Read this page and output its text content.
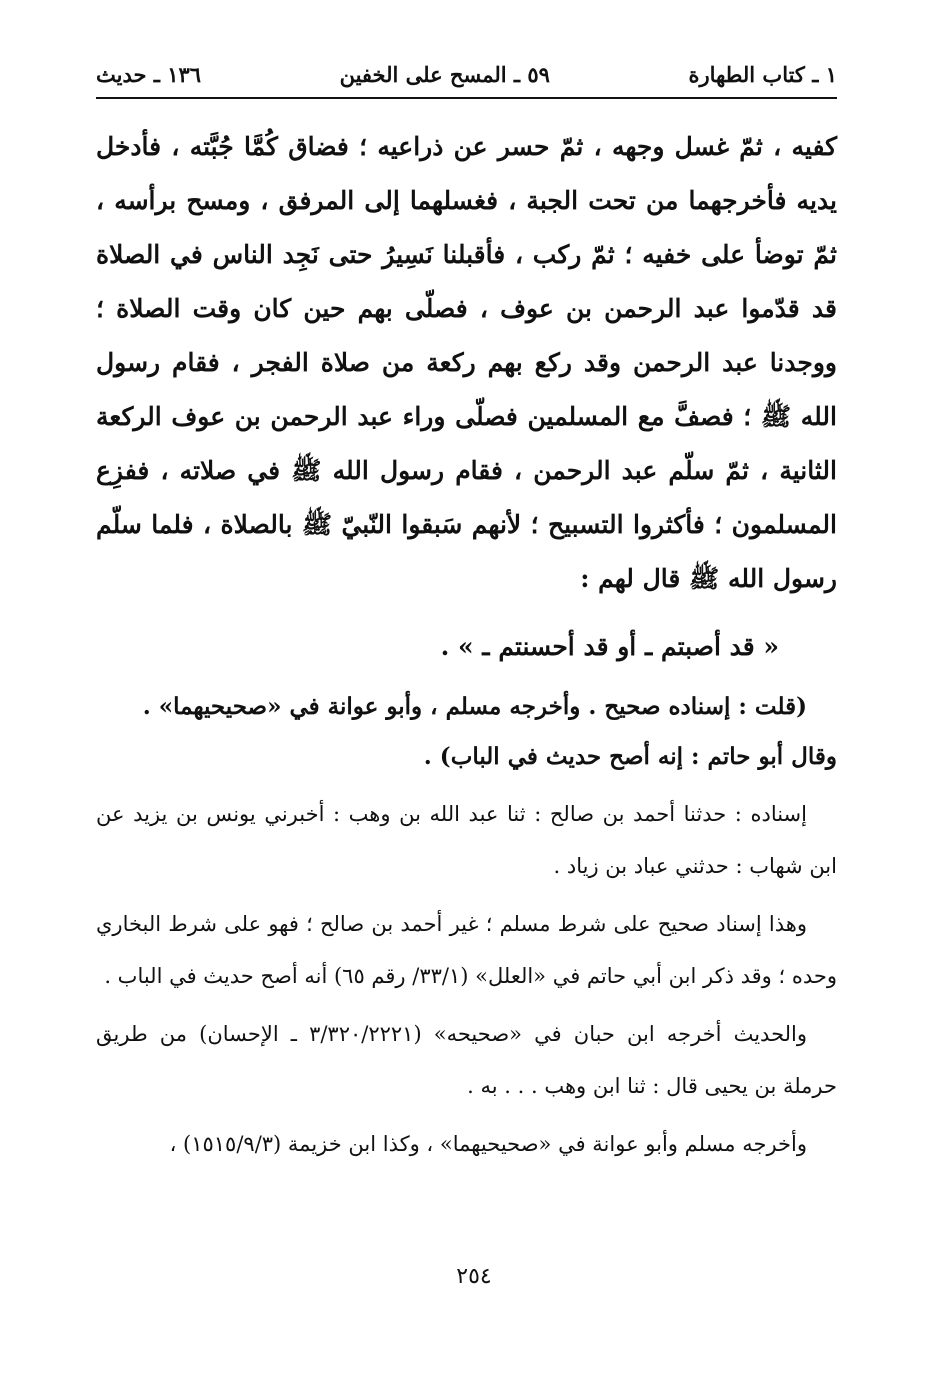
١ ـ كتاب الطهارة
٥٩ ـ المسح على الخفين
١٣٦ ـ حديث

كفيه ، ثمّ غسل وجهه ، ثمّ حسر عن ذراعيه ؛ فضاق كُمَّا جُبَّته ، فأدخل يديه فأخرجهما من تحت الجبة ، فغسلهما إلى المرفق ، ومسح برأسه ، ثمّ توضأ على خفيه ؛ ثمّ ركب ، فأقبلنا نَسِيرُ حتى نَجِد الناس في الصلاة قد قدّموا عبد الرحمن بن عوف ، فصلّى بهم حين كان وقت الصلاة ؛ ووجدنا عبد الرحمن وقد ركع بهم ركعة من صلاة الفجر ، فقام رسول الله ﷺ ؛ فصفَّ مع المسلمين فصلّى وراء عبد الرحمن بن عوف الركعة الثانية ، ثمّ سلّم عبد الرحمن ، فقام رسول الله ﷺ في صلاته ، ففزِع المسلمون ؛ فأكثروا التسبيح ؛ لأنهم سَبقوا النّبيّ ﷺ بالصلاة ، فلما سلّم رسول الله ﷺ قال لهم :

« قد أصبتم ـ أو قد أحسنتم ـ » .

(قلت : إسناده صحيح . وأخرجه مسلم ، وأبو عوانة في «صحيحيهما» . وقال أبو حاتم : إنه أصح حديث في الباب) .

إسناده : حدثنا أحمد بن صالح : ثنا عبد الله بن وهب : أخبرني يونس بن يزيد عن ابن شهاب : حدثني عباد بن زياد .

وهذا إسناد صحيح على شرط مسلم ؛ غير أحمد بن صالح ؛ فهو على شرط البخاري وحده ؛ وقد ذكر ابن أبي حاتم في «العلل» (٣٣/١/ رقم ٦٥) أنه أصح حديث في الباب .

والحديث أخرجه ابن حبان في «صحيحه» (٣/٣٢٠/٢٢٢١ ـ الإحسان) من طريق حرملة بن يحيى قال : ثنا ابن وهب . . . به .

وأخرجه مسلم وأبو عوانة في «صحيحيهما» ، وكذا ابن خزيمة (١٥١٥/٩/٣) ،

٢٥٤
